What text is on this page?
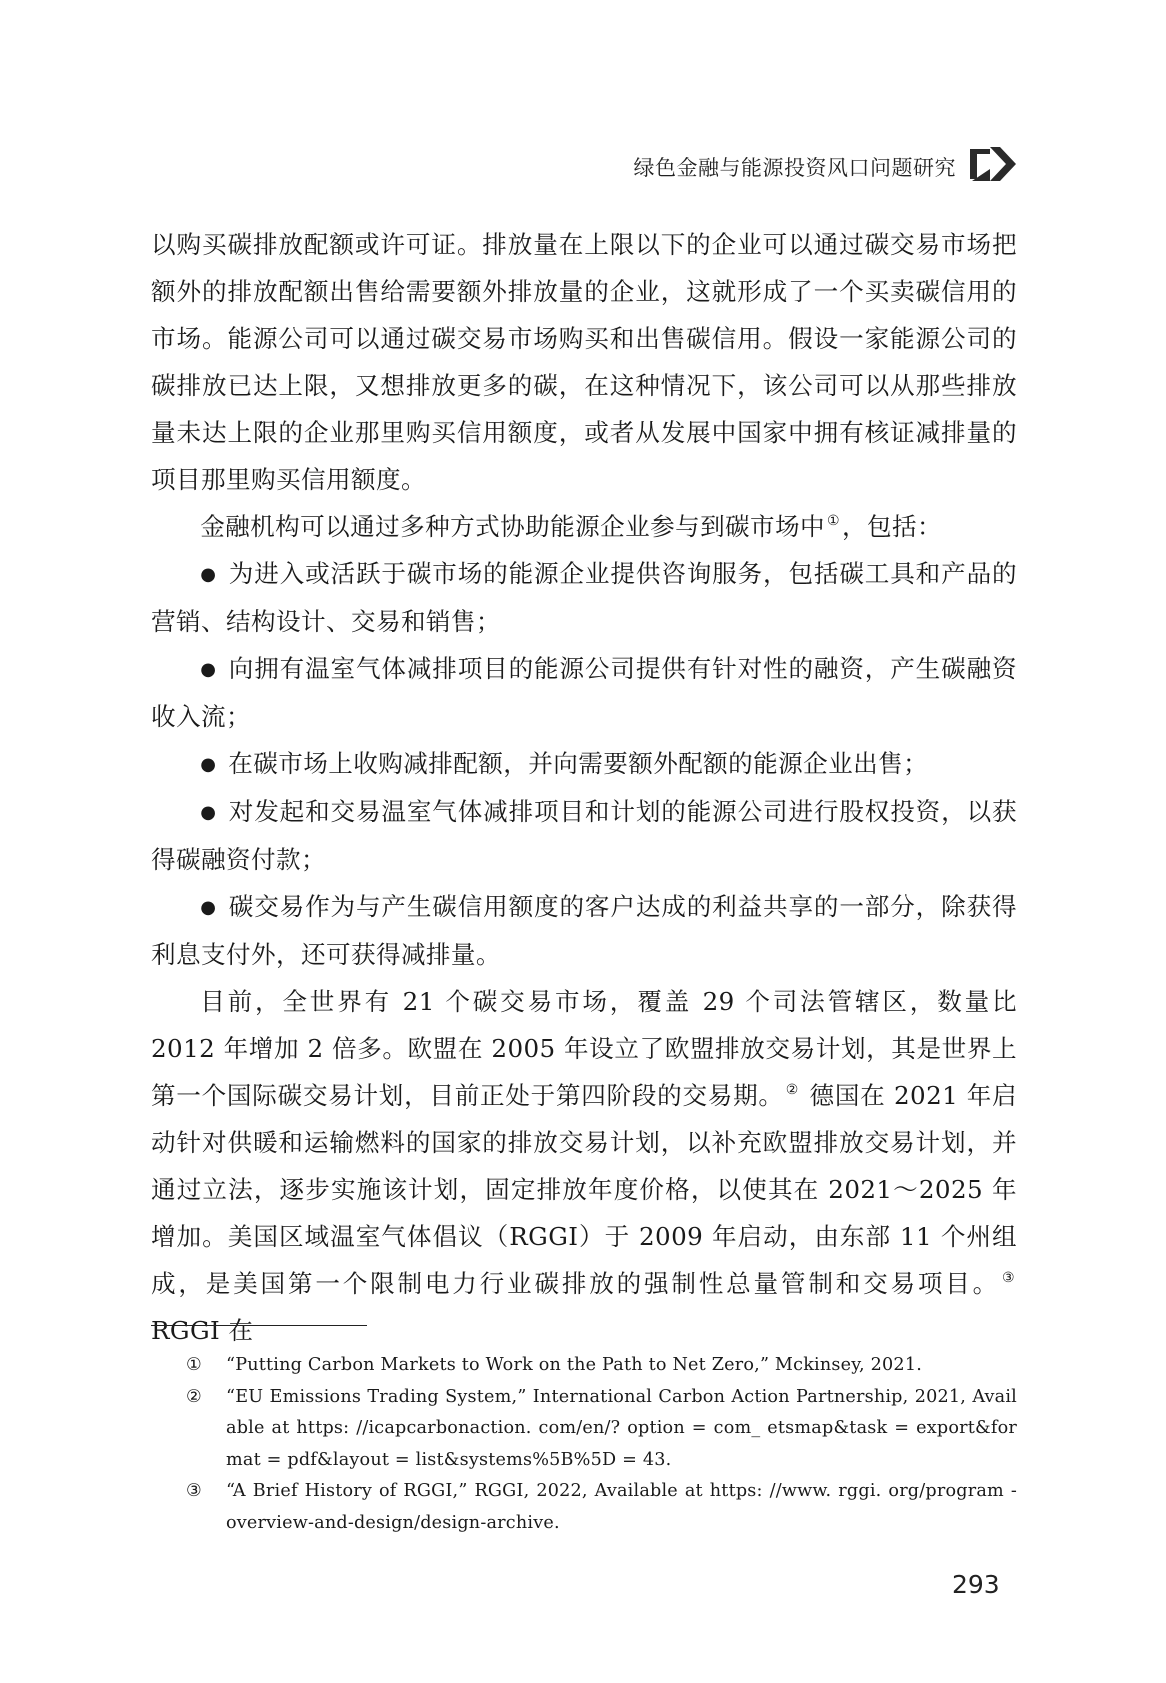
绿色金融与能源投资风口问题研究

以购买碳排放配额或许可证。排放量在上限以下的企业可以通过碳交易市场把额外的排放配额出售给需要额外排放量的企业，这就形成了一个买卖碳信用的市场。能源公司可以通过碳交易市场购买和出售碳信用。假设一家能源公司的碳排放已达上限，又想排放更多的碳，在这种情况下，该公司可以从那些排放量未达上限的企业那里购买信用额度，或者从发展中国家中拥有核证减排量的项目那里购买信用额度。

金融机构可以通过多种方式协助能源企业参与到碳市场中 ①，包括：

● 为进入或活跃于碳市场的能源企业提供咨询服务，包括碳工具和产品的营销、结构设计、交易和销售；

● 向拥有温室气体减排项目的能源公司提供有针对性的融资，产生碳融资收入流；

● 在碳市场上收购减排配额，并向需要额外配额的能源企业出售；

● 对发起和交易温室气体减排项目和计划的能源公司进行股权投资，以获得碳融资付款；

● 碳交易作为与产生碳信用额度的客户达成的利益共享的一部分，除获得利息支付外，还可获得减排量。

目前，全世界有 21 个碳交易市场，覆盖 29 个司法管辖区，数量比 2012 年增加 2 倍多。欧盟在 2005 年设立了欧盟排放交易计划，其是世界上第一个国际碳交易计划，目前正处于第四阶段的交易期。 ② 德国在 2021 年启动针对供暖和运输燃料的国家的排放交易计划，以补充欧盟排放交易计划，并通过立法，逐步实施该计划，固定排放年度价格，以使其在 2021～2025 年增加。美国区域温室气体倡议（RGGI）于 2009 年启动，由东部 11 个州组成，是美国第一个限制电力行业碳排放的强制性总量管制和交易项目。 ③ RGGI 在

① “Putting Carbon Markets to Work on the Path to Net Zero,” Mckinsey, 2021.
② “EU Emissions Trading System,” International Carbon Action Partnership, 2021, Available at https: //icapcarbonaction. com/en/? option = com_ etsmap&task = export&format = pdf&layout = list&systems%5B%5D = 43.
③ “A Brief History of RGGI,” RGGI, 2022, Available at https: //www. rggi. org/program - overview-and-design/design-archive.
293
